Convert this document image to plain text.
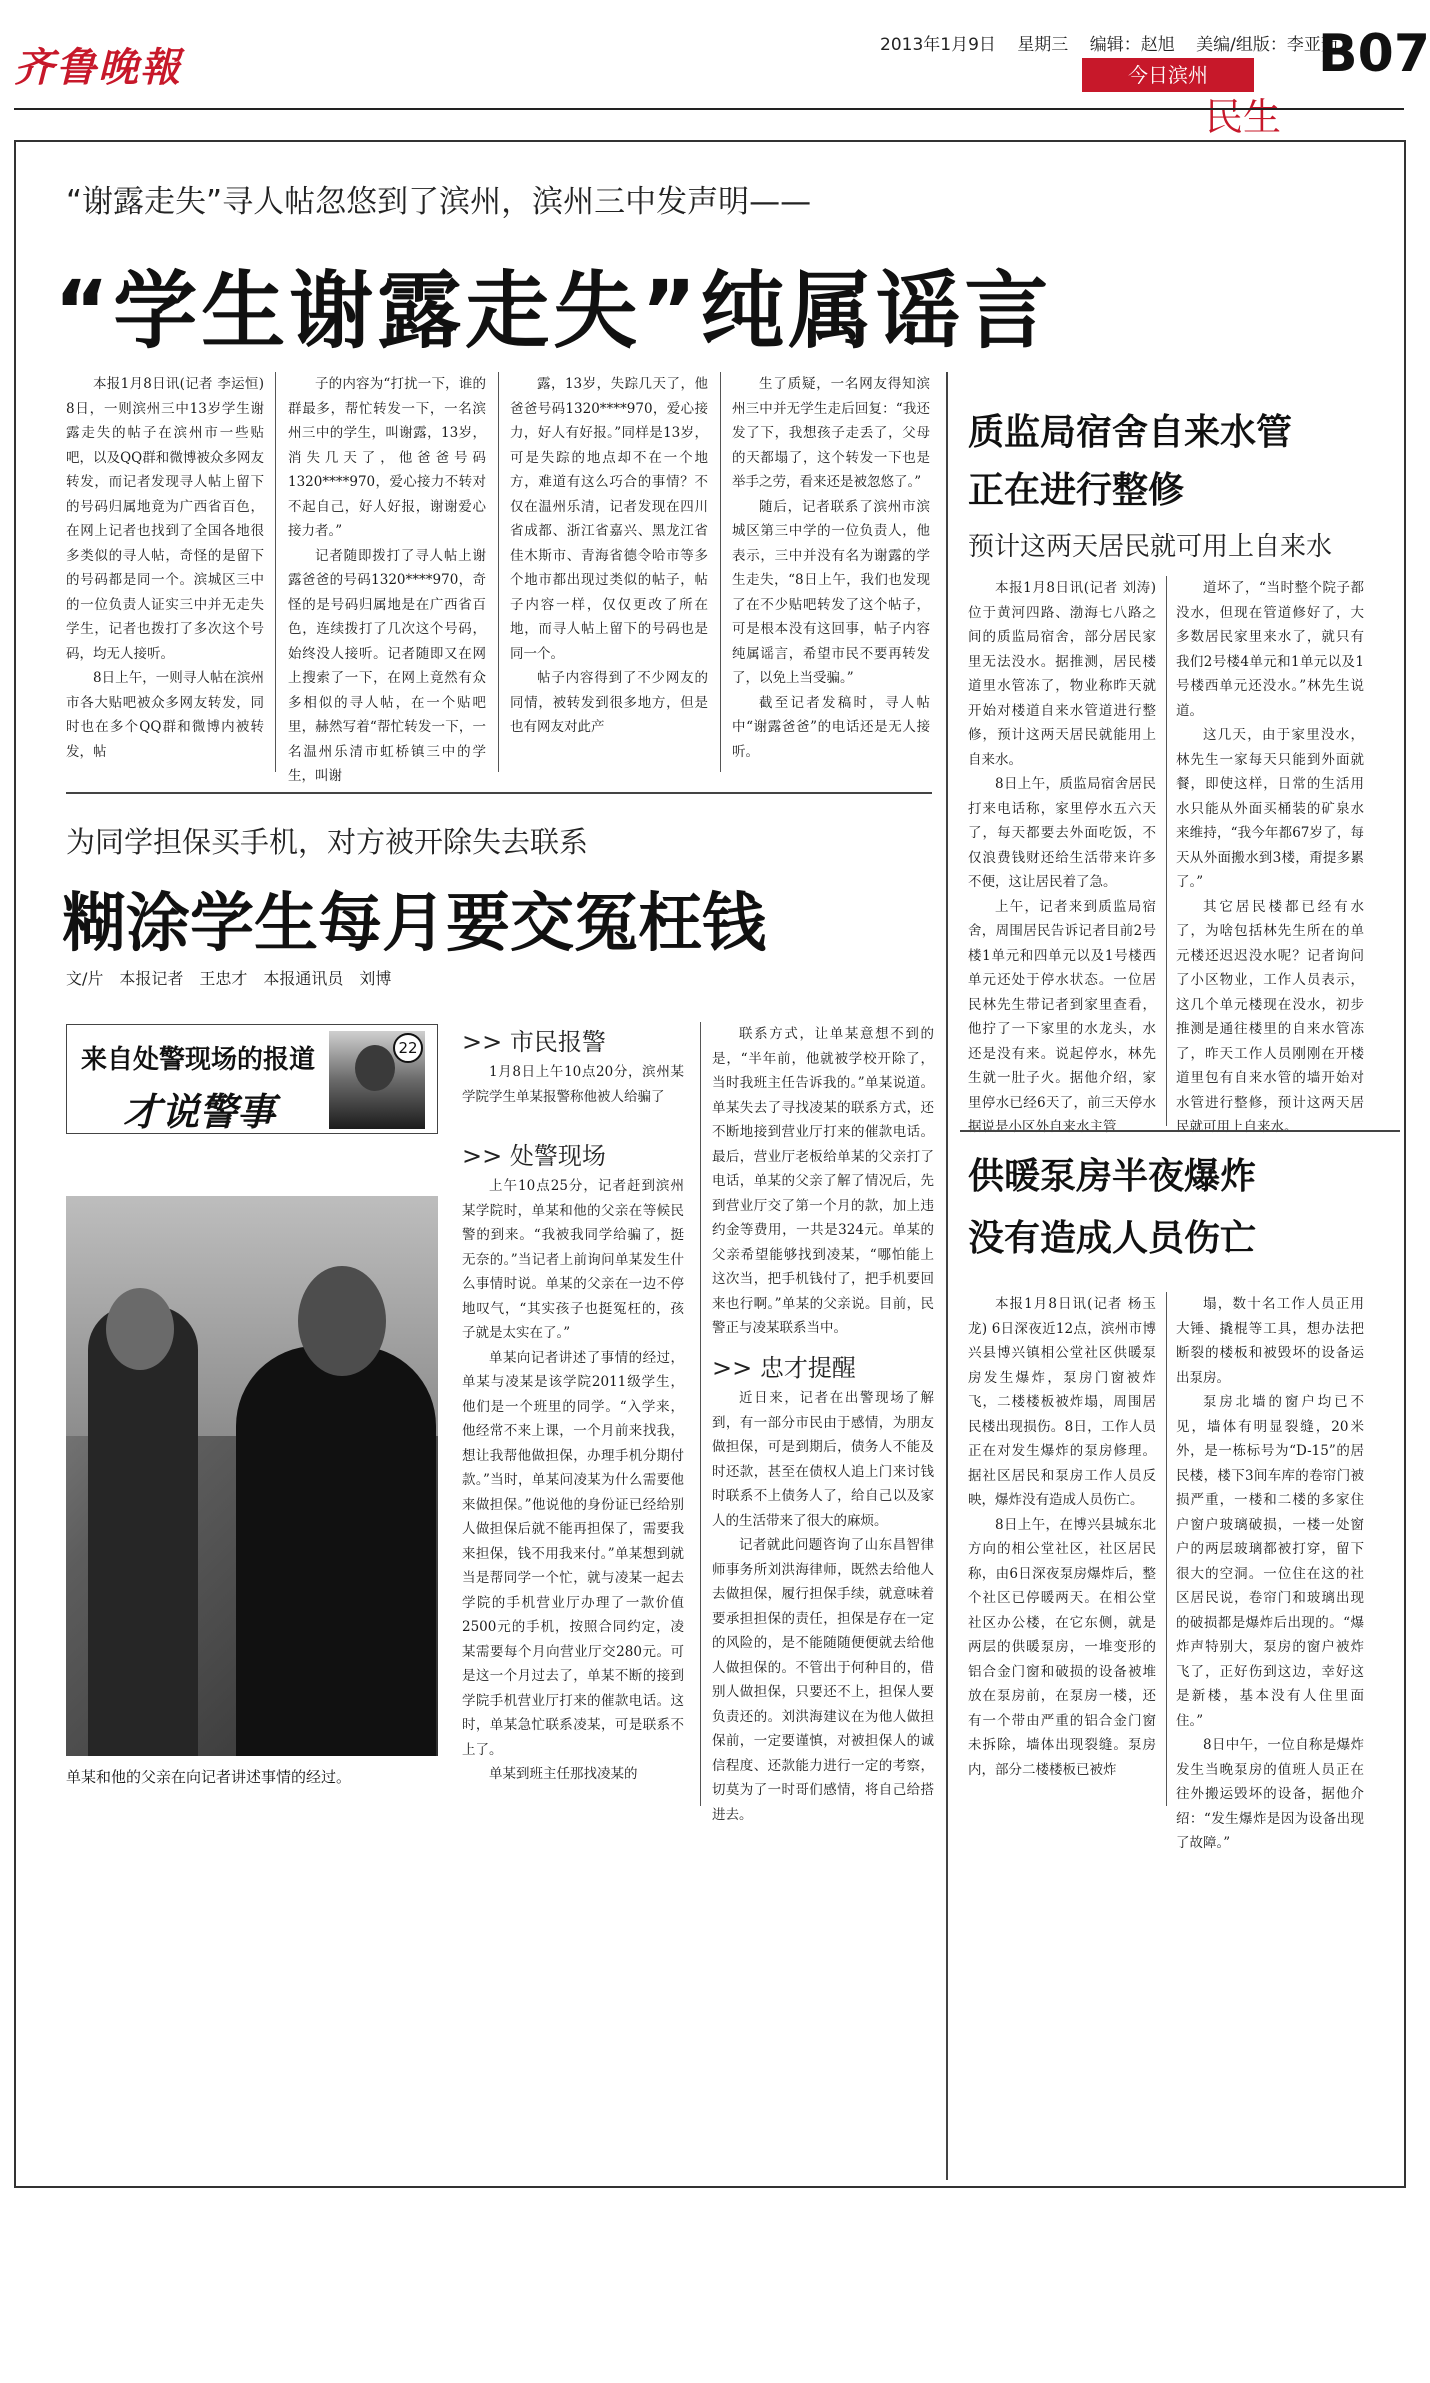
齐鲁晚報	2013年1月9日 星期三 编辑：赵旭 美编/组版：李亚茹
B07
今日滨州
民生
“谢露走失”寻人帖忽悠到了滨州，滨州三中发声明——
“学生谢露走失”纯属谣言

本报1月8日讯(记者 李运恒) 8日，一则滨州三中13岁学生谢露走失的帖子在滨州市一些贴吧，以及QQ群和微博被众多网友转发，而记者发现寻人帖上留下的号码归属地竟为广西省百色，在网上记者也找到了全国各地很多类似的寻人帖，奇怪的是留下的号码都是同一个。滨城区三中的一位负责人证实三中并无走失学生，记者也拨打了多次这个号码，均无人接听。

8日上午，一则寻人帖在滨州市各大贴吧被众多网友转发，同时也在多个QQ群和微博内被转发，帖

子的内容为“打扰一下，谁的群最多，帮忙转发一下，一名滨州三中的学生，叫谢露，13岁，消失几天了，他爸爸号码1320****970，爱心接力不转对不起自己，好人好报，谢谢爱心接力者。”

记者随即拨打了寻人帖上谢露爸爸的号码1320****970，奇怪的是号码归属地是在广西省百色，连续拨打了几次这个号码，始终没人接听。记者随即又在网上搜索了一下，在网上竟然有众多相似的寻人帖，在一个贴吧里，赫然写着“帮忙转发一下，一名温州乐清市虹桥镇三中的学生，叫谢

露，13岁，失踪几天了，他爸爸号码1320****970，爱心接力，好人有好报。”同样是13岁，可是失踪的地点却不在一个地方，难道有这么巧合的事情？不仅在温州乐清，记者发现在四川省成都、浙江省嘉兴、黑龙江省佳木斯市、青海省德令哈市等多个地市都出现过类似的帖子，帖子内容一样，仅仅更改了所在地，而寻人帖上留下的号码也是同一个。

帖子内容得到了不少网友的同情，被转发到很多地方，但是也有网友对此产

生了质疑，一名网友得知滨州三中并无学生走后回复：“我还发了下，我想孩子走丢了，父母的天都塌了，这个转发一下也是举手之劳，看来还是被忽悠了。”

随后，记者联系了滨州市滨城区第三中学的一位负责人，他表示，三中并没有名为谢露的学生走失，“8日上午，我们也发现了在不少贴吧转发了这个帖子，可是根本没有这回事，帖子内容纯属谣言，希望市民不要再转发了，以免上当受骗。”

截至记者发稿时，寻人帖中“谢露爸爸”的电话还是无人接听。

为同学担保买手机，对方被开除失去联系
糊涂学生每月要交冤枉钱
文/片　本报记者　王忠才　本报通讯员　刘博
来自处警现场的报道
才说警事
22
单某和他的父亲在向记者讲述事情的经过。
>> 市民报警

1月8日上午10点20分，滨州某学院学生单某报警称他被人给骗了

>> 处警现场

上午10点25分，记者赶到滨州某学院时，单某和他的父亲在等候民警的到来。“我被我同学给骗了，挺无奈的。”当记者上前询问单某发生什么事情时说。单某的父亲在一边不停地叹气，“其实孩子也挺冤枉的，孩子就是太实在了。”

单某向记者讲述了事情的经过，单某与凌某是该学院2011级学生，他们是一个班里的同学。“入学来，他经常不来上课，一个月前来找我，想让我帮他做担保，办理手机分期付款。”当时，单某问凌某为什么需要他来做担保。”他说他的身份证已经给别人做担保后就不能再担保了，需要我来担保，钱不用我来付。”单某想到就当是帮同学一个忙，就与凌某一起去学院的手机营业厅办理了一款价值2500元的手机，按照合同约定，凌某需要每个月向营业厅交280元。可是这一个月过去了，单某不断的接到学院手机营业厅打来的催款电话。这时，单某急忙联系凌某，可是联系不上了。

单某到班主任那找凌某的

联系方式，让单某意想不到的是，“半年前，他就被学校开除了，当时我班主任告诉我的。”单某说道。单某失去了寻找凌某的联系方式，还不断地接到营业厅打来的催款电话。最后，营业厅老板给单某的父亲打了电话，单某的父亲了解了情况后，先到营业厅交了第一个月的款，加上违约金等费用，一共是324元。单某的父亲希望能够找到凌某，“哪怕能上这次当，把手机钱付了，把手机要回来也行啊。”单某的父亲说。目前，民警正与凌某联系当中。

>> 忠才提醒

近日来，记者在出警现场了解到，有一部分市民由于感情，为朋友做担保，可是到期后，债务人不能及时还款，甚至在债权人追上门来讨钱时联系不上债务人了，给自己以及家人的生活带来了很大的麻烦。

记者就此问题咨询了山东昌智律师事务所刘洪海律师，既然去给他人去做担保，履行担保手续，就意味着要承担担保的责任，担保是存在一定的风险的，是不能随随便便就去给他人做担保的。不管出于何种目的，借别人做担保，只要还不上，担保人要负责还的。刘洪海建议在为他人做担保前，一定要谨慎，对被担保人的诚信程度、还款能力进行一定的考察，切莫为了一时哥们感情，将自己给搭进去。

质监局宿舍自来水管
正在进行整修
预计这两天居民就可用上自来水

本报1月8日讯(记者 刘涛) 位于黄河四路、渤海七八路之间的质监局宿舍，部分居民家里无法没水。据推测，居民楼道里水管冻了，物业称昨天就开始对楼道自来水管道进行整修，预计这两天居民就能用上自来水。

8日上午，质监局宿舍居民打来电话称，家里停水五六天了，每天都要去外面吃饭，不仅浪费钱财还给生活带来许多不便，这让居民着了急。

上午，记者来到质监局宿舍，周围居民告诉记者目前2号楼1单元和四单元以及1号楼西单元还处于停水状态。一位居民林先生带记者到家里查看，他拧了一下家里的水龙头，水还是没有来。说起停水，林先生就一肚子火。据他介绍，家里停水已经6天了，前三天停水据说是小区外自来水主管

道坏了，“当时整个院子都没水，但现在管道修好了，大多数居民家里来水了，就只有我们2号楼4单元和1单元以及1号楼西单元还没水。”林先生说道。

这几天，由于家里没水，林先生一家每天只能到外面就餐，即使这样，日常的生活用水只能从外面买桶装的矿泉水来维持，“我今年都67岁了，每天从外面搬水到3楼，甭提多累了。”

其它居民楼都已经有水了，为啥包括林先生所在的单元楼还迟迟没水呢？记者询问了小区物业，工作人员表示，这几个单元楼现在没水，初步推测是通往楼里的自来水管冻了，昨天工作人员刚刚在开楼道里包有自来水管的墙开始对水管进行整修，预计这两天居民就可用上自来水。

供暖泵房半夜爆炸
没有造成人员伤亡

本报1月8日讯(记者 杨玉龙) 6日深夜近12点，滨州市博兴县博兴镇相公堂社区供暖泵房发生爆炸，泵房门窗被炸飞，二楼楼板被炸塌，周围居民楼出现损伤。8日，工作人员正在对发生爆炸的泵房修理。据社区居民和泵房工作人员反映，爆炸没有造成人员伤亡。

8日上午，在博兴县城东北方向的相公堂社区，社区居民称，由6日深夜泵房爆炸后，整个社区已停暖两天。在相公堂社区办公楼，在它东侧，就是两层的供暖泵房，一堆变形的铝合金门窗和破损的设备被堆放在泵房前，在泵房一楼，还有一个带由严重的铝合金门窗未拆除，墙体出现裂缝。泵房内，部分二楼楼板已被炸

塌，数十名工作人员正用大锤、撬棍等工具，想办法把断裂的楼板和被毁坏的设备运出泵房。

泵房北墙的窗户均已不见，墙体有明显裂缝，20米外，是一栋标号为“D-15”的居民楼，楼下3间车库的卷帘门被损严重，一楼和二楼的多家住户窗户玻璃破损，一楼一处窗户的两层玻璃都被打穿，留下很大的空洞。一位住在这的社区居民说，卷帘门和玻璃出现的破损都是爆炸后出现的。“爆炸声特别大，泵房的窗户被炸飞了，正好伤到这边，幸好这是新楼，基本没有人住里面住。”

8日中午，一位自称是爆炸发生当晚泵房的值班人员正在往外搬运毁坏的设备，据他介绍：“发生爆炸是因为设备出现了故障。”
